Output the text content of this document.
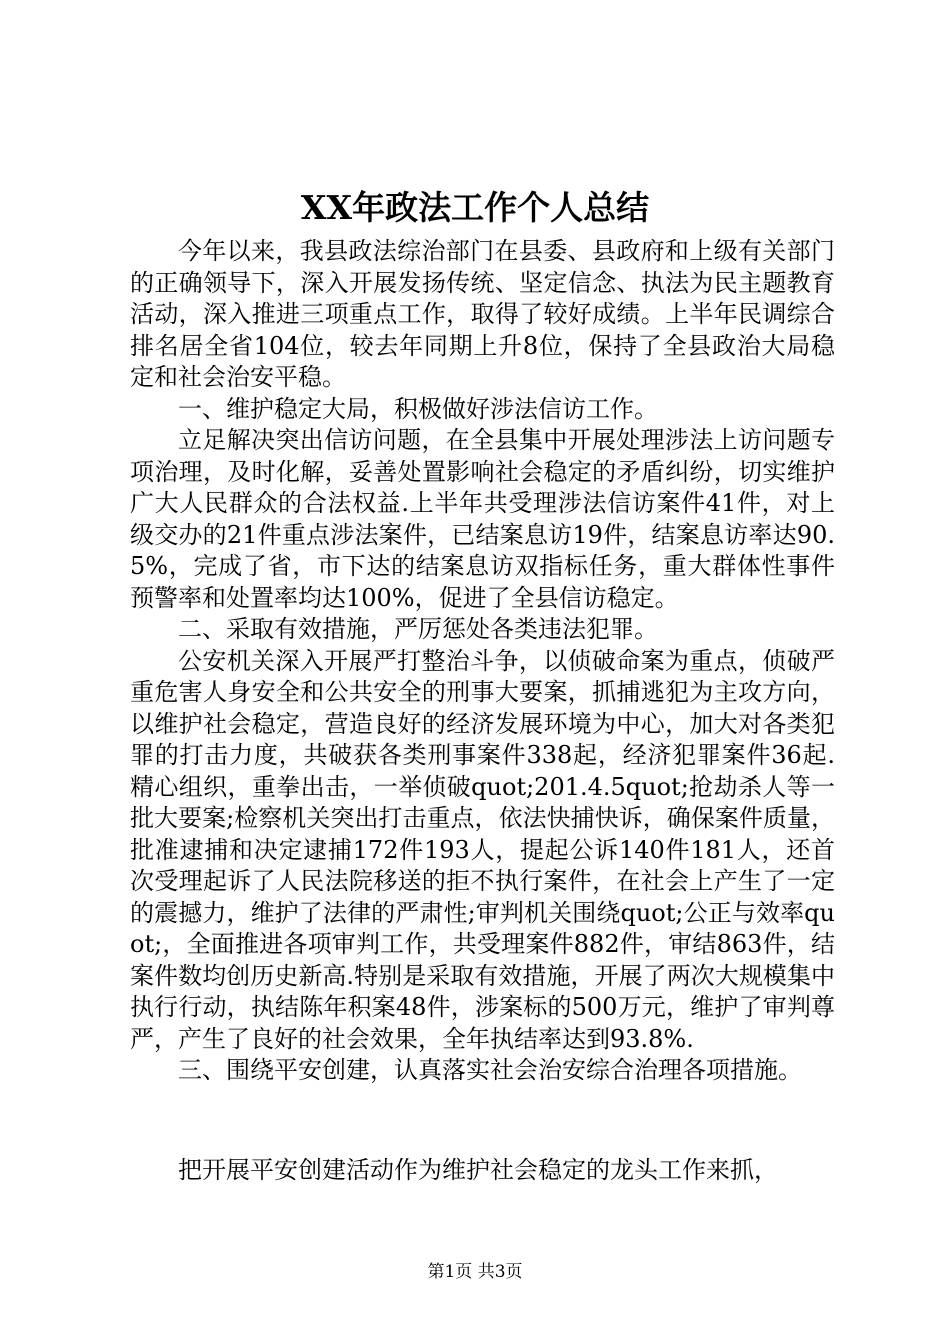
XX年政法工作个人总结

今年以来，我县政法综治部门在县委、县政府和上级有关部门的正确领导下，深入开展发扬传统、坚定信念、执法为民主题教育活动，深入推进三项重点工作，取得了较好成绩。上半年民调综合排名居全省104位，较去年同期上升8位，保持了全县政治大局稳定和社会治安平稳。

一、维护稳定大局，积极做好涉法信访工作。

立足解决突出信访问题，在全县集中开展处理涉法上访问题专项治理，及时化解，妥善处置影响社会稳定的矛盾纠纷，切实维护广大人民群众的合法权益.上半年共受理涉法信访案件41件，对上级交办的21件重点涉法案件，已结案息访19件，结案息访率达90.5%，完成了省，市下达的结案息访双指标任务，重大群体性事件预警率和处置率均达100%，促进了全县信访稳定。

二、采取有效措施，严厉惩处各类违法犯罪。

公安机关深入开展严打整治斗争，以侦破命案为重点，侦破严重危害人身安全和公共安全的刑事大要案，抓捕逃犯为主攻方向，以维护社会稳定，营造良好的经济发展环境为中心，加大对各类犯罪的打击力度，共破获各类刑事案件338起，经济犯罪案件36起.精心组织，重拳出击，一举侦破quot;201.4.5quot;抢劫杀人等一批大要案;检察机关突出打击重点，依法快捕快诉，确保案件质量，批准逮捕和决定逮捕172件193人，提起公诉140件181人，还首次受理起诉了人民法院移送的拒不执行案件，在社会上产生了一定的震撼力，维护了法律的严肃性;审判机关围绕quot;公正与效率quot;，全面推进各项审判工作，共受理案件882件，审结863件，结案件数均创历史新高.特别是采取有效措施，开展了两次大规模集中执行行动，执结陈年积案48件，涉案标的500万元，维护了审判尊严，产生了良好的社会效果，全年执结率达到93.8%.

三、围绕平安创建，认真落实社会治安综合治理各项措施。

把开展平安创建活动作为维护社会稳定的龙头工作来抓，

第1页 共3页
